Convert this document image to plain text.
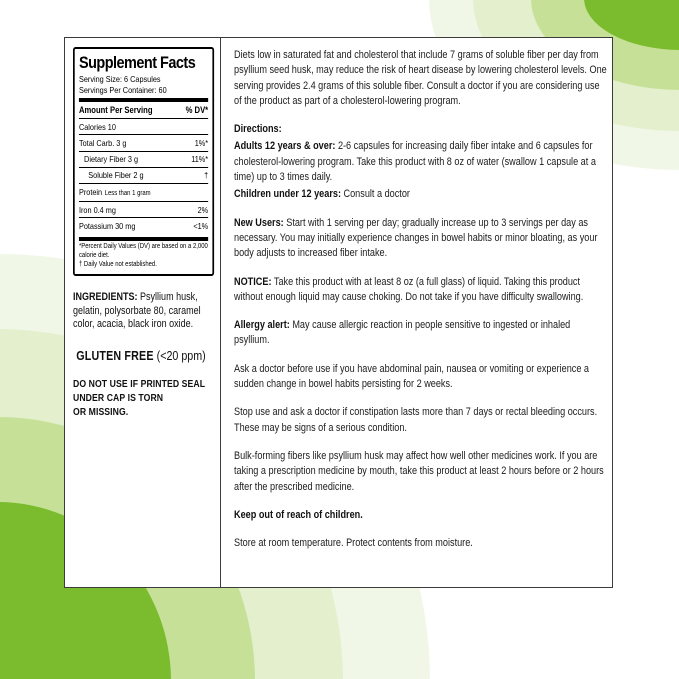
Supplement Facts
Serving Size: 6 Capsules
Servings Per Container: 60
Amount Per Serving	% DV*
Calories 10
Total Carb. 3 g	1%*
Dietary Fiber 3 g	11%*
Soluble Fiber 2 g	†
Protein Less than 1 gram
Iron 0.4 mg	2%
Potassium 30 mg	<1%
*Percent Daily Values (DV) are based on a 2,000 calorie diet.
† Daily Value not established.
INGREDIENTS: Psyllium husk, gelatin, polysorbate 80, caramel color, acacia, black iron oxide.
GLUTEN FREE (<20 ppm)
DO NOT USE IF PRINTED SEAL
UNDER CAP IS TORN
OR MISSING.
Diets low in saturated fat and cholesterol that include 7 grams of soluble fiber per day from psyllium seed husk, may reduce the risk of heart disease by lowering cholesterol levels. One serving provides 2.4 grams of this soluble fiber. Consult a doctor if you are considering use of the product as part of a cholesterol-lowering program.
Directions:
Adults 12 years & over: 2-6 capsules for increasing daily fiber intake and 6 capsules for cholesterol-lowering program. Take this product with 8 oz of water (swallow 1 capsule at a time) up to 3 times daily.
Children under 12 years: Consult a doctor
New Users: Start with 1 serving per day; gradually increase up to 3 servings per day as necessary. You may initially experience changes in bowel habits or minor bloating, as your body adjusts to increased fiber intake.
NOTICE: Take this product with at least 8 oz (a full glass) of liquid. Taking this product without enough liquid may cause choking. Do not take if you have difficulty swallowing.
Allergy alert: May cause allergic reaction in people sensitive to ingested or inhaled psyllium.
Ask a doctor before use if you have abdominal pain, nausea or vomiting or experience a sudden change in bowel habits persisting for 2 weeks.
Stop use and ask a doctor if constipation lasts more than 7 days or rectal bleeding occurs. These may be signs of a serious condition.
Bulk-forming fibers like psyllium husk may affect how well other medicines work. If you are taking a prescription medicine by mouth, take this product at least 2 hours before or 2 hours after the prescribed medicine.
Keep out of reach of children.
Store at room temperature. Protect contents from moisture.
